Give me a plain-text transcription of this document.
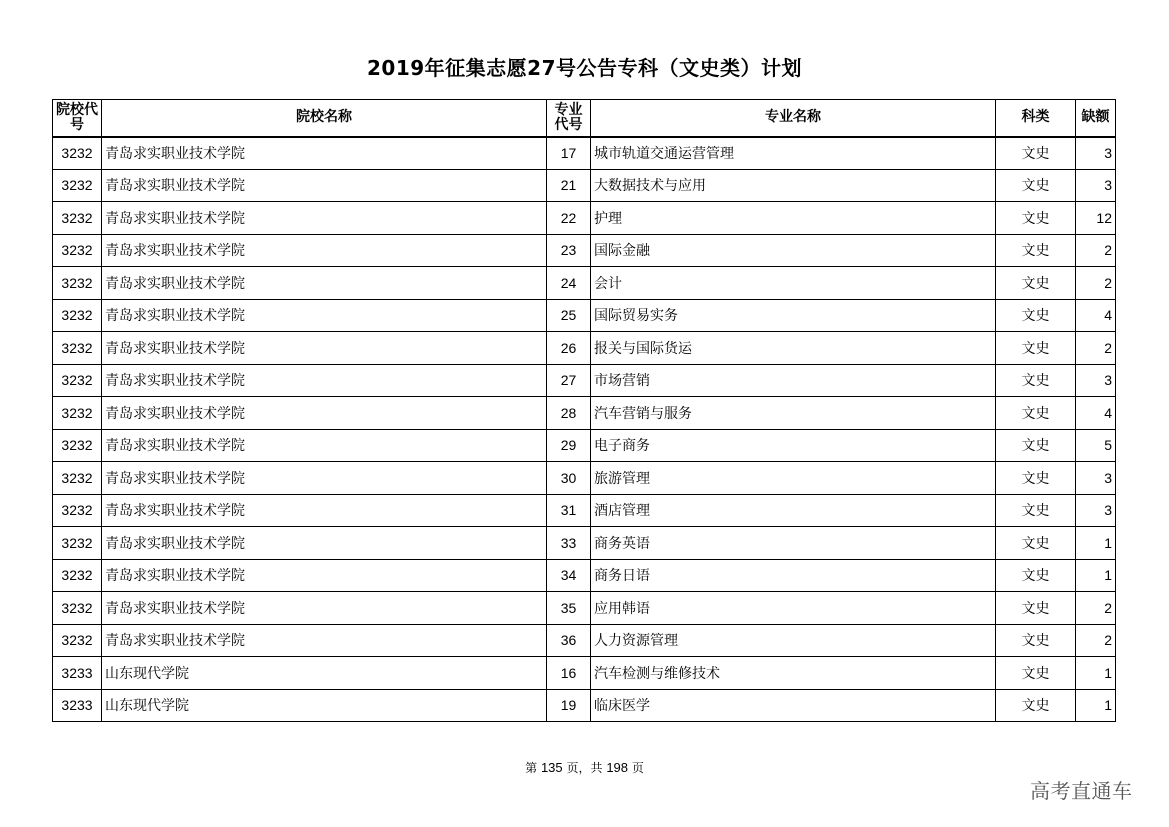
2019年征集志愿27号公告专科（文史类）计划
院校代号	院校名称	专业代号	专业名称	科类	缺额
3232	青岛求实职业技术学院	17	城市轨道交通运营管理	文史	3
3232	青岛求实职业技术学院	21	大数据技术与应用	文史	3
3232	青岛求实职业技术学院	22	护理	文史	12
3232	青岛求实职业技术学院	23	国际金融	文史	2
3232	青岛求实职业技术学院	24	会计	文史	2
3232	青岛求实职业技术学院	25	国际贸易实务	文史	4
3232	青岛求实职业技术学院	26	报关与国际货运	文史	2
3232	青岛求实职业技术学院	27	市场营销	文史	3
3232	青岛求实职业技术学院	28	汽车营销与服务	文史	4
3232	青岛求实职业技术学院	29	电子商务	文史	5
3232	青岛求实职业技术学院	30	旅游管理	文史	3
3232	青岛求实职业技术学院	31	酒店管理	文史	3
3232	青岛求实职业技术学院	33	商务英语	文史	1
3232	青岛求实职业技术学院	34	商务日语	文史	1
3232	青岛求实职业技术学院	35	应用韩语	文史	2
3232	青岛求实职业技术学院	36	人力资源管理	文史	2
3233	山东现代学院	16	汽车检测与维修技术	文史	1
3233	山东现代学院	19	临床医学	文史	1
第 135 页，共 198 页
高考直通车
